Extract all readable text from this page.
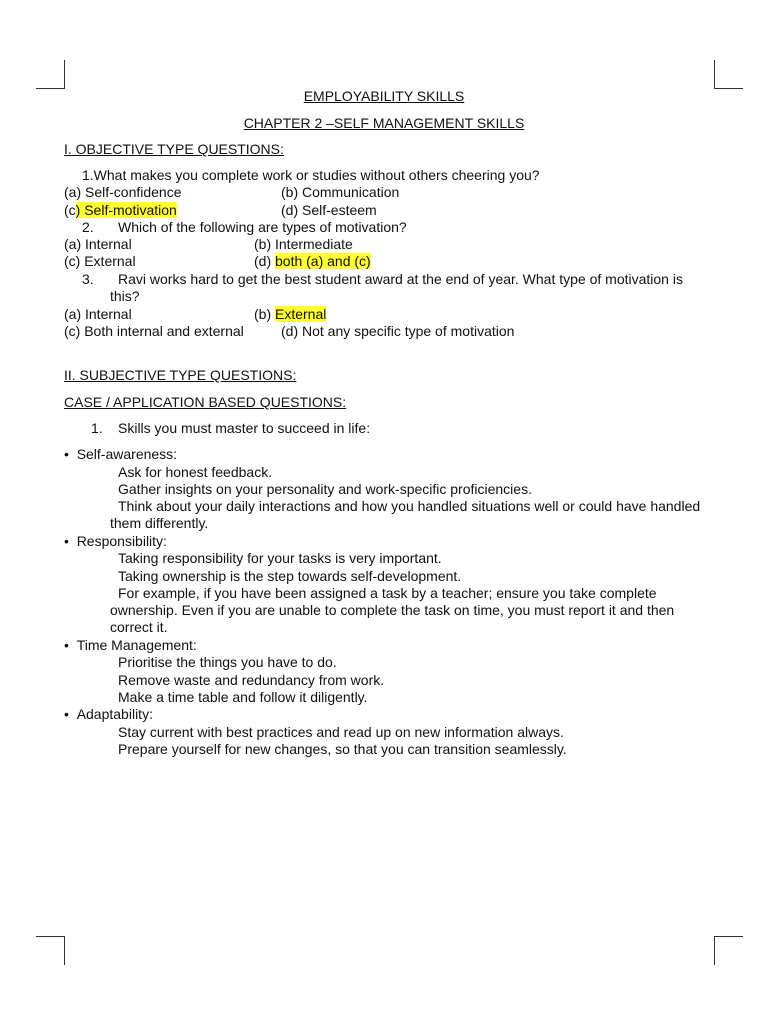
EMPLOYABILITY SKILLS
CHAPTER 2 –SELF MANAGEMENT SKILLS
I. OBJECTIVE TYPE QUESTIONS:
1.What makes you complete work or studies without others cheering you?
(a) Self-confidence	(b) Communication
(c) Self-motivation	(d) Self-esteem
2. Which of the following are types of motivation?
(a) Internal	(b) Intermediate
(c) External	(d) both (a) and (c)
3. Ravi works hard to get the best student award at the end of year. What type of motivation is
this?
(a) Internal	(b) External
(c) Both internal and external	(d) Not any specific type of motivation
II. SUBJECTIVE TYPE QUESTIONS:
CASE / APPLICATION BASED QUESTIONS:
1. Skills you must master to succeed in life:
• Self-awareness:
Ask for honest feedback.
Gather insights on your personality and work-specific proficiencies.
Think about your daily interactions and how you handled situations well or could have handled
them differently.
• Responsibility:
Taking responsibility for your tasks is very important.
Taking ownership is the step towards self-development.
For example, if you have been assigned a task by a teacher; ensure you take complete
ownership. Even if you are unable to complete the task on time, you must report it and then
correct it.
• Time Management:
Prioritise the things you have to do.
Remove waste and redundancy from work.
Make a time table and follow it diligently.
• Adaptability:
Stay current with best practices and read up on new information always.
Prepare yourself for new changes, so that you can transition seamlessly.
